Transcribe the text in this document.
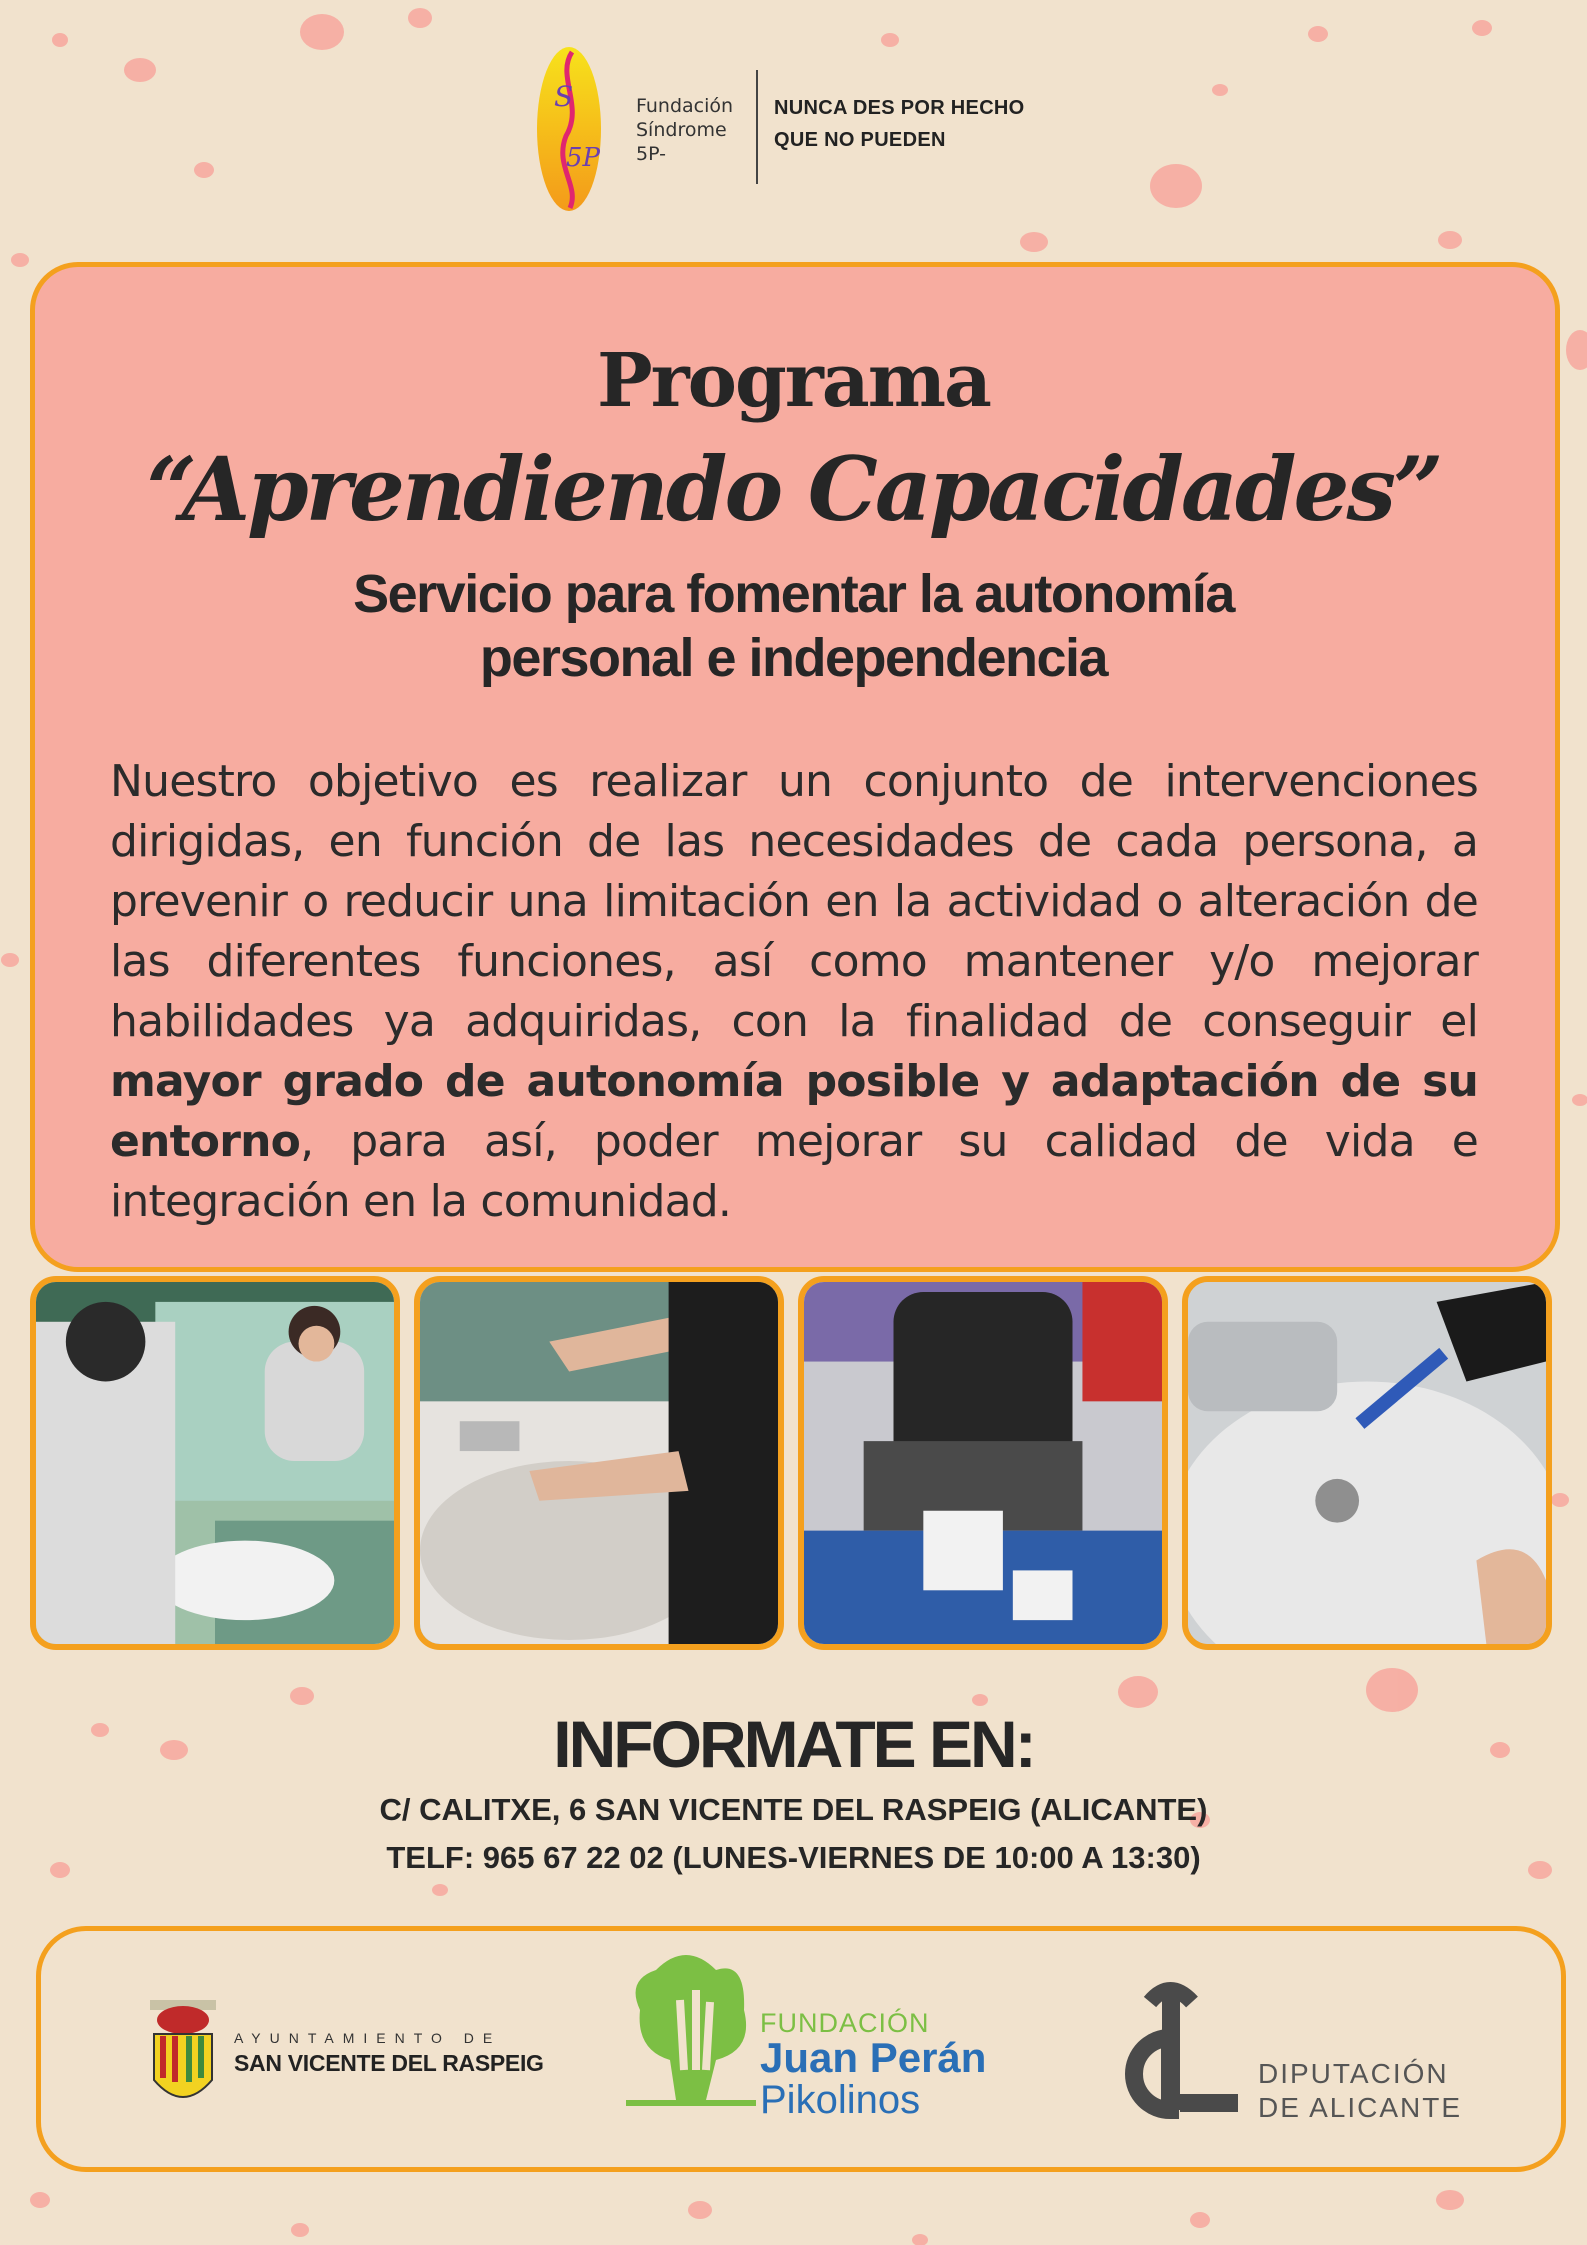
S
5P
Fundación
Síndrome
5P-
NUNCA DES POR HECHO
QUE NO PUEDEN
Programa
“Aprendiendo Capacidades”
Servicio para fomentar la autonomía
personal e independencia
Nuestro objetivo es realizar un conjunto de intervenciones dirigidas, en función de las necesidades de cada persona, a prevenir o reducir una limitación en la actividad o alteración de las diferentes funciones, así como mantener y/o mejorar habilidades ya adquiridas, con la finalidad de conseguir el mayor grado de autonomía posible y adaptación de su entorno, para así, poder mejorar su calidad de vida e integración en la comunidad.
INFORMATE EN:
C/ CALITXE, 6 SAN VICENTE DEL RASPEIG (ALICANTE)
TELF: 965 67 22 02 (LUNES-VIERNES DE 10:00 A 13:30)
AYUNTAMIENTO DE
SAN VICENTE DEL RASPEIG
FUNDACIÓN
Juan Perán
Pikolinos
DIPUTACIÓN
DE ALICANTE
